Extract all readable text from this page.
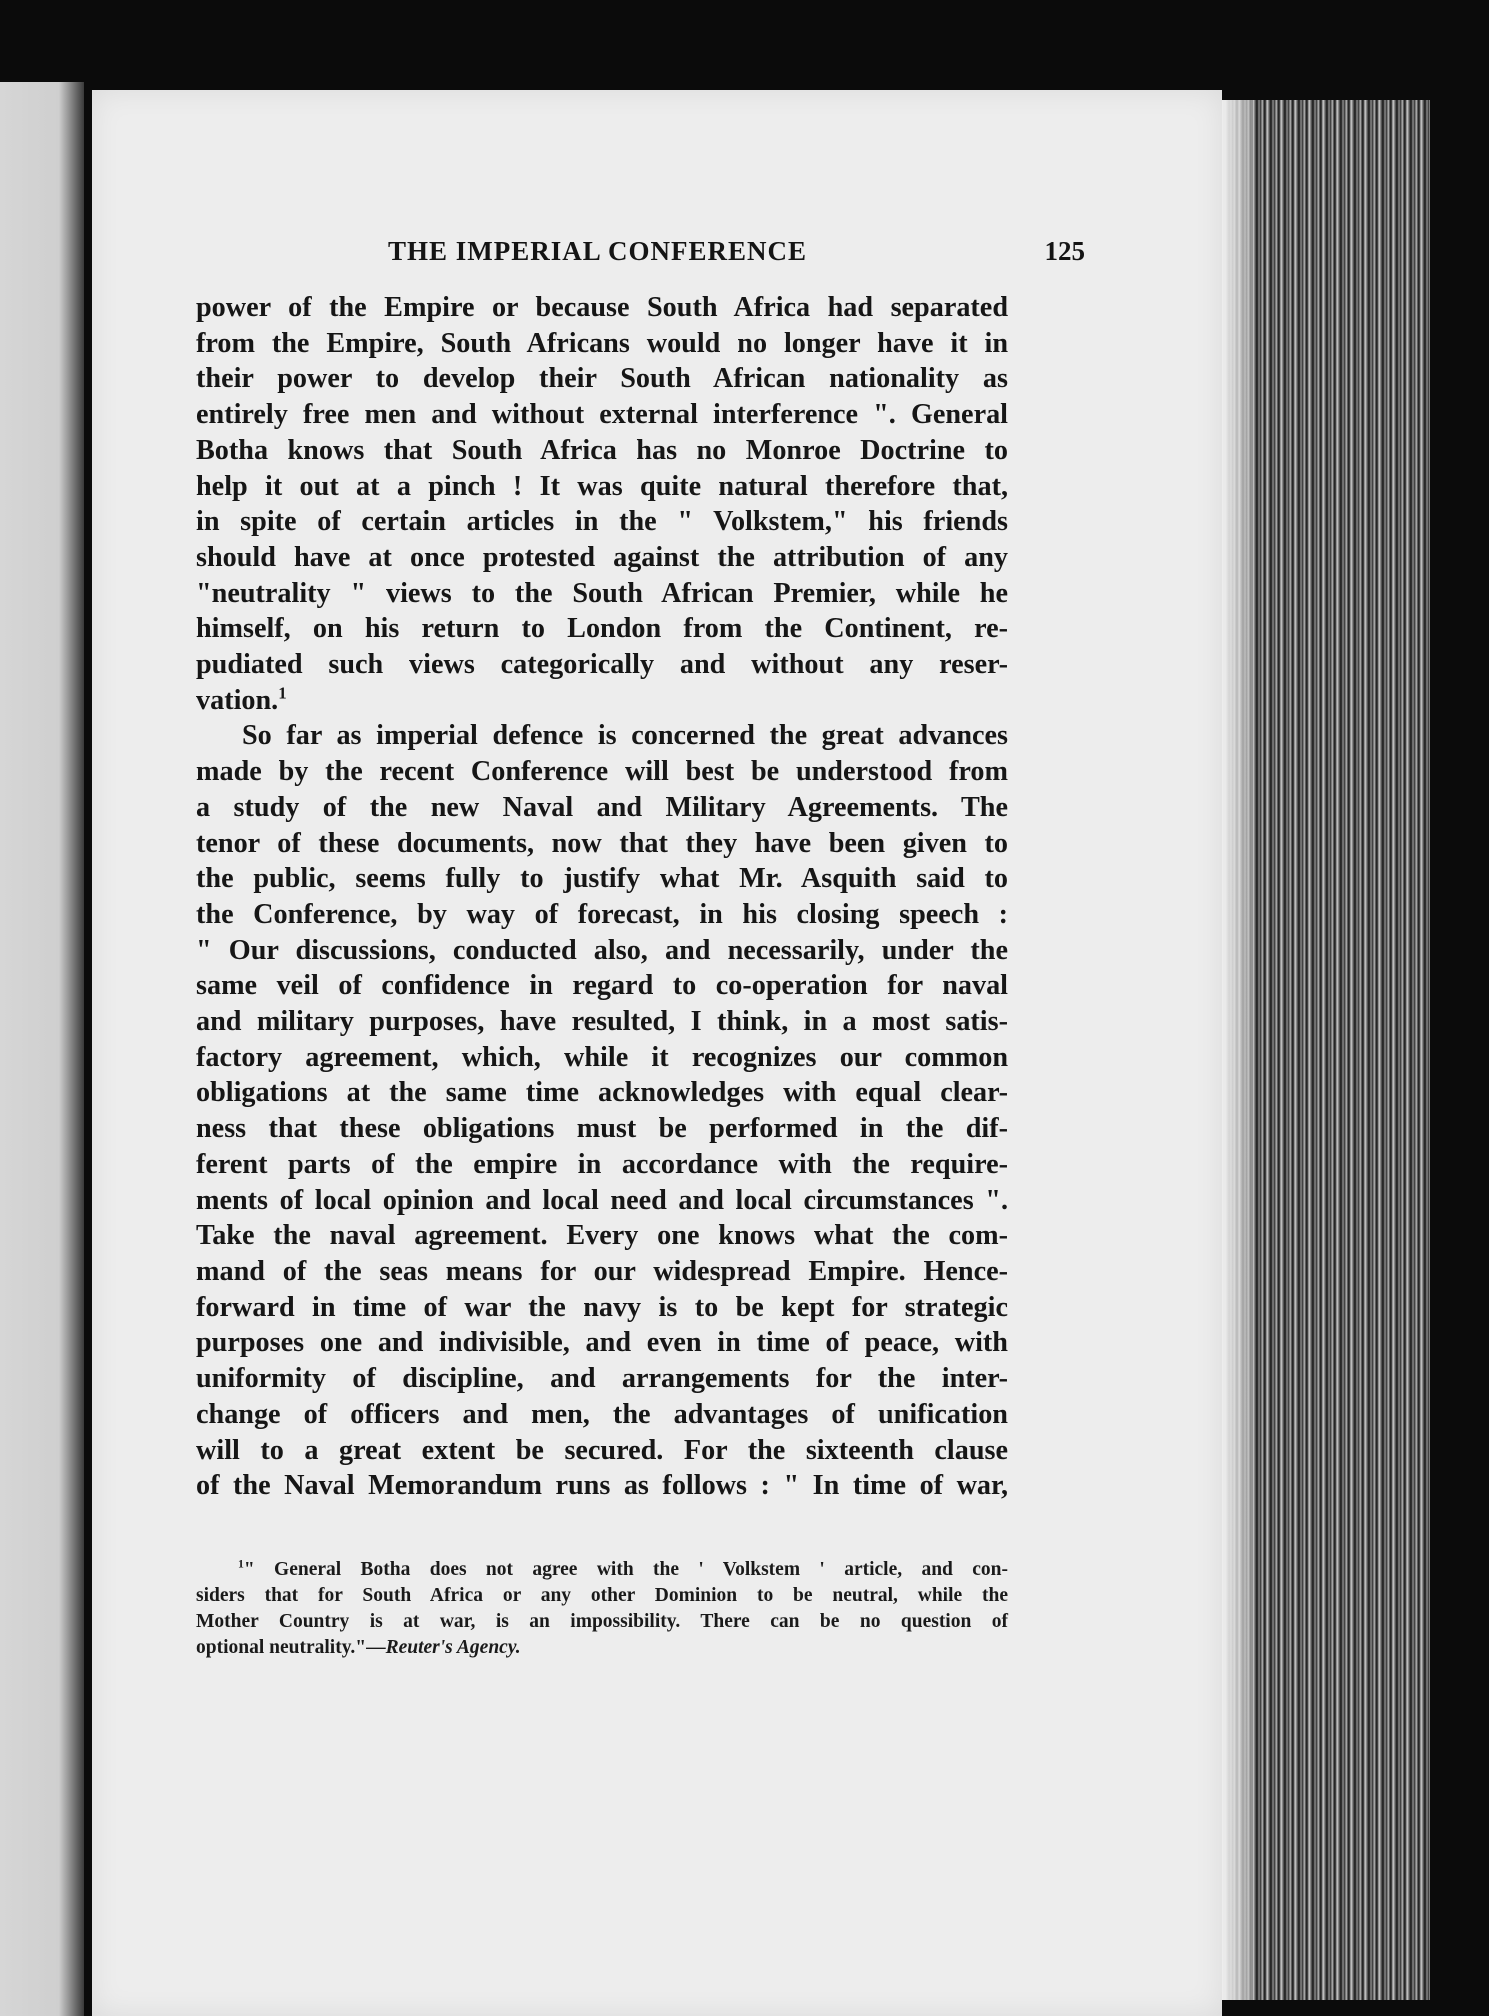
THE IMPERIAL CONFERENCE	125

power of the Empire or because South Africa had separated
from the Empire, South Africans would no longer have it in
their power to develop their South African nationality as
entirely free men and without external interference ". General
Botha knows that South Africa has no Monroe Doctrine to
help it out at a pinch ! It was quite natural therefore that,
in spite of certain articles in the " Volkstem," his friends
should have at once protested against the attribution of any
"neutrality " views to the South African Premier, while he
himself, on his return to London from the Continent, re-
pudiated such views categorically and without any reser-
vation.$^1$

So far as imperial defence is concerned the great advances
made by the recent Conference will best be understood from
a study of the new Naval and Military Agreements. The
tenor of these documents, now that they have been given to
the public, seems fully to justify what Mr. Asquith said to
the Conference, by way of forecast, in his closing speech :
" Our discussions, conducted also, and necessarily, under the
same veil of confidence in regard to co-operation for naval
and military purposes, have resulted, I think, in a most satis-
factory agreement, which, while it recognizes our common
obligations at the same time acknowledges with equal clear-
ness that these obligations must be performed in the dif-
ferent parts of the empire in accordance with the require-
ments of local opinion and local need and local circumstances ".
Take the naval agreement. Every one knows what the com-
mand of the seas means for our widespread Empire. Hence-
forward in time of war the navy is to be kept for strategic
purposes one and indivisible, and even in time of peace, with
uniformity of discipline, and arrangements for the inter-
change of officers and men, the advantages of unification
will to a great extent be secured. For the sixteenth clause
of the Naval Memorandum runs as follows : " In time of war,

$^1$" General Botha does not agree with the ' Volkstem ' article, and con-
siders that for South Africa or any other Dominion to be neutral, while the
Mother Country is at war, is an impossibility. There can be no question of
optional neutrality."—Reuter's Agency.
